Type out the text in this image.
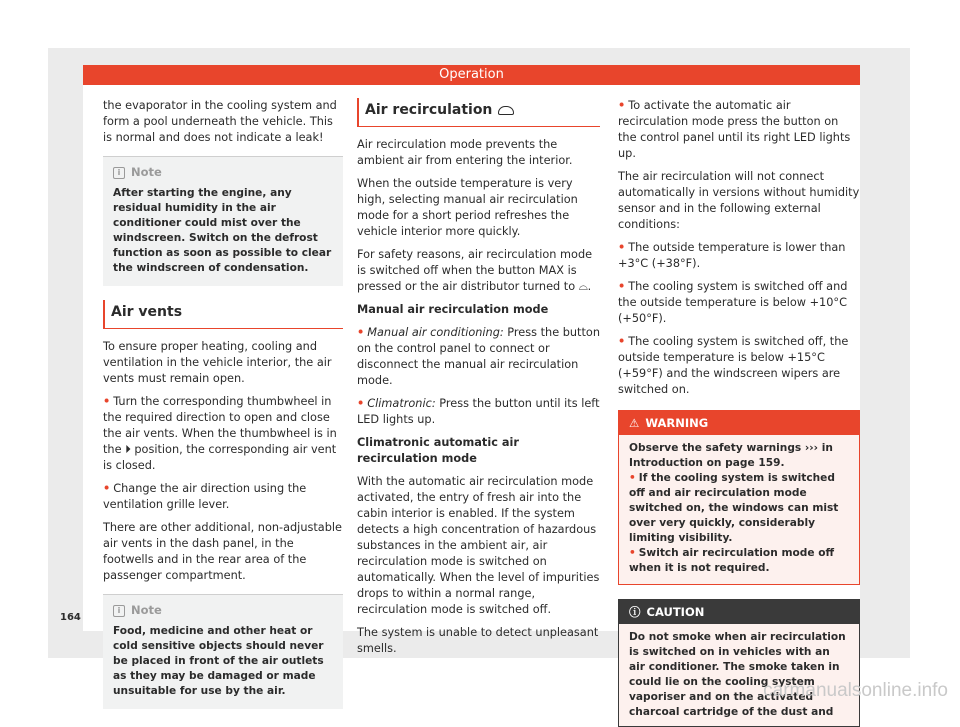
Operation

the evaporator in the cooling system and form a pool underneath the vehicle. This is normal and does not indicate a leak!

i Note
After starting the engine, any residual humidity in the air conditioner could mist over the windscreen. Switch on the defrost function as soon as possible to clear the windscreen of condensation.
Air vents

To ensure proper heating, cooling and ventilation in the vehicle interior, the air vents must remain open.

• Turn the corresponding thumbwheel in the required direction to open and close the air vents. When the thumbwheel is in the ⏵ position, the corresponding air vent is closed.

• Change the air direction using the ventilation grille lever.

There are other additional, non-adjustable air vents in the dash panel, in the footwells and in the rear area of the passenger compartment.

i Note
Food, medicine and other heat or cold sensitive objects should never be placed in front of the air outlets as they may be damaged or made unsuitable for use by the air.
Air recirculation

Air recirculation mode prevents the ambient air from entering the interior.

When the outside temperature is very high, selecting manual air recirculation mode for a short period refreshes the vehicle interior more quickly.

For safety reasons, air recirculation mode is switched off when the button MAX is pressed or the air distributor turned to ⌓.

Manual air recirculation mode

• Manual air conditioning: Press the button on the control panel to connect or disconnect the manual air recirculation mode.

• Climatronic: Press the button until its left LED lights up.

Climatronic automatic air recirculation mode

With the automatic air recirculation mode activated, the entry of fresh air into the cabin interior is enabled. If the system detects a high concentration of hazardous substances in the ambient air, air recirculation mode is switched on automatically. When the level of impurities drops to within a normal range, recirculation mode is switched off.

The system is unable to detect unpleasant smells.

• To activate the automatic air recirculation mode press the button on the control panel until its right LED lights up.

The air recirculation will not connect automatically in versions without humidity sensor and in the following external conditions:

• The outside temperature is lower than +3°C (+38°F).

• The cooling system is switched off and the outside temperature is below +10°C (+50°F).

• The cooling system is switched off, the outside temperature is below +15°C (+59°F) and the windscreen wipers are switched on.

⚠ WARNING
Observe the safety warnings ››› in Introduction on page 159.
• If the cooling system is switched off and air recirculation mode switched on, the windows can mist over very quickly, considerably limiting visibility.
• Switch air recirculation mode off when it is not required.
ⓘ CAUTION
Do not smoke when air recirculation is switched on in vehicles with an air conditioner. The smoke taken in could lie on the cooling system vaporiser and on the activated charcoal cartridge of the dust and
164
carmanualsonline.info
